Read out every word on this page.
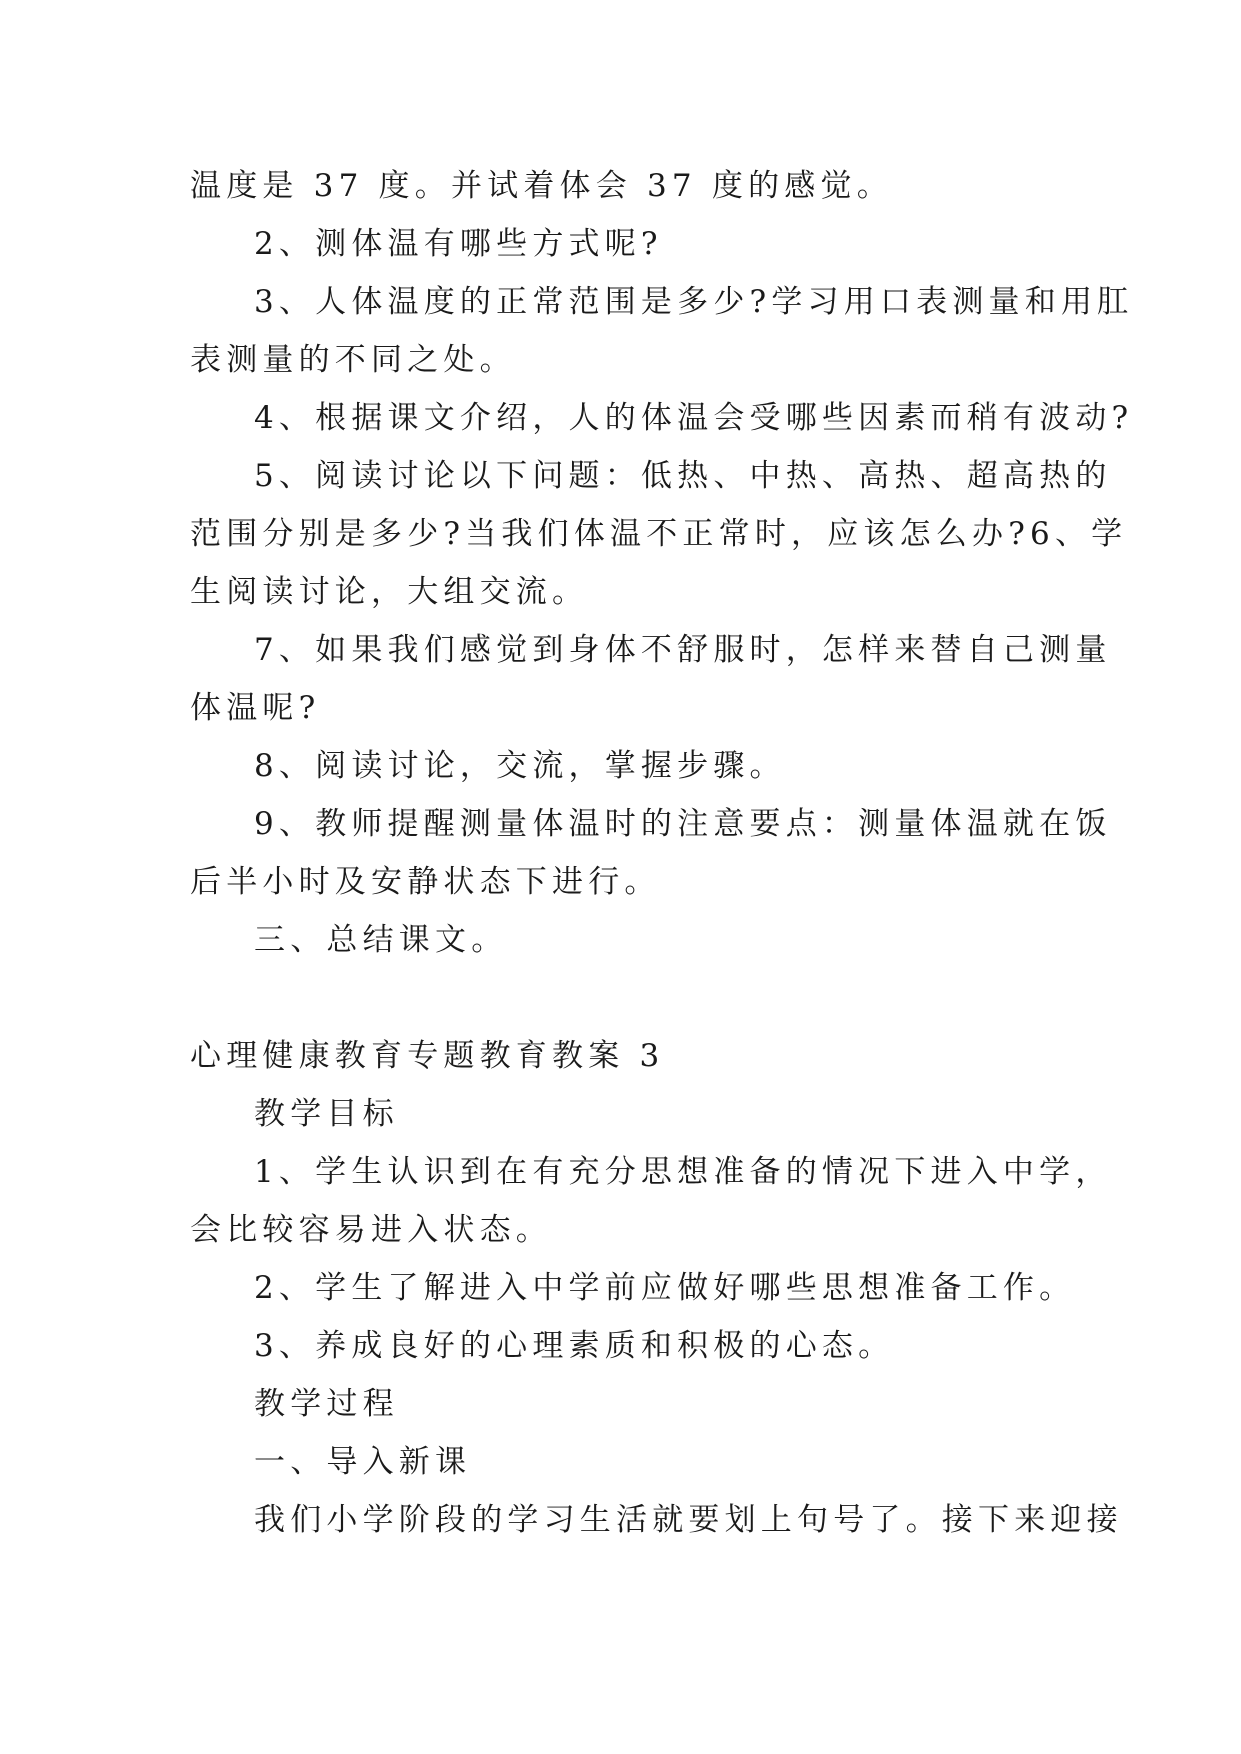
温度是 37 度。并试着体会 37 度的感觉。
2、测体温有哪些方式呢?
3、人体温度的正常范围是多少?学习用口表测量和用肛
表测量的不同之处。
4、根据课文介绍，人的体温会受哪些因素而稍有波动?
5、阅读讨论以下问题：低热、中热、高热、超高热的
范围分别是多少?当我们体温不正常时，应该怎么办?6、学
生阅读讨论，大组交流。
7、如果我们感觉到身体不舒服时，怎样来替自己测量
体温呢?
8、阅读讨论，交流，掌握步骤。
9、教师提醒测量体温时的注意要点：测量体温就在饭
后半小时及安静状态下进行。
三、总结课文。
心理健康教育专题教育教案 3
教学目标
1、学生认识到在有充分思想准备的情况下进入中学，
会比较容易进入状态。
2、学生了解进入中学前应做好哪些思想准备工作。
3、养成良好的心理素质和积极的心态。
教学过程
一、导入新课
我们小学阶段的学习生活就要划上句号了。接下来迎接
